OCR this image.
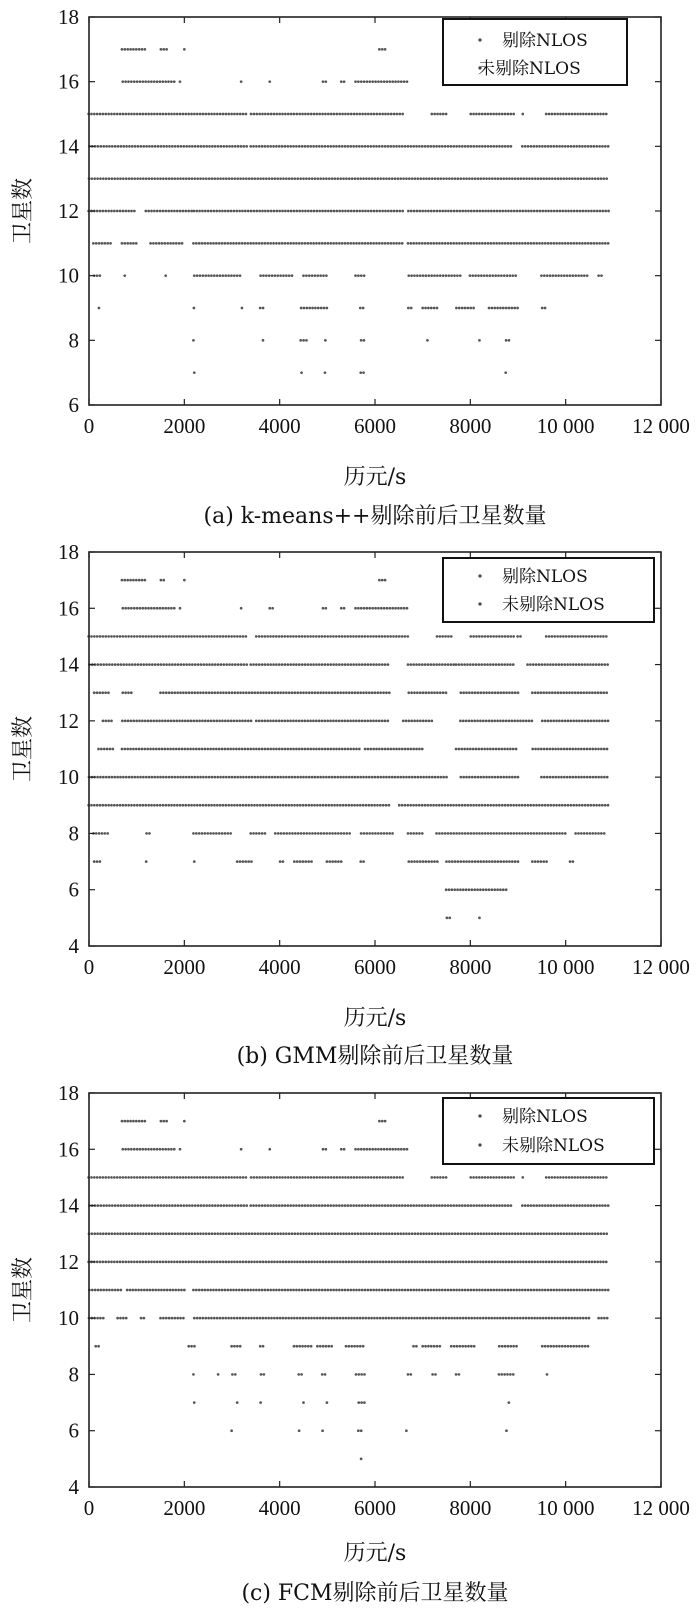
0	2000	4000	6000	8000 10 000 12 000
6
8
10
12
14
16
18
剔除NLOS
未剔除NLOS
历元/s
卫星数
(a) k-means++剔除前后卫星数量
0	2000	4000	6000	8000 10 000 12 000
4
6
8
10
12
14
16
18
剔除NLOS
未剔除NLOS
历元/s
卫星数
(b) GMM剔除前后卫星数量
0	2000	4000	6000	8000 10 000 12 000
4
6
8
10
12
14
16
18
剔除NLOS
未剔除NLOS
历元/s
卫星数
(c) FCM剔除前后卫星数量
